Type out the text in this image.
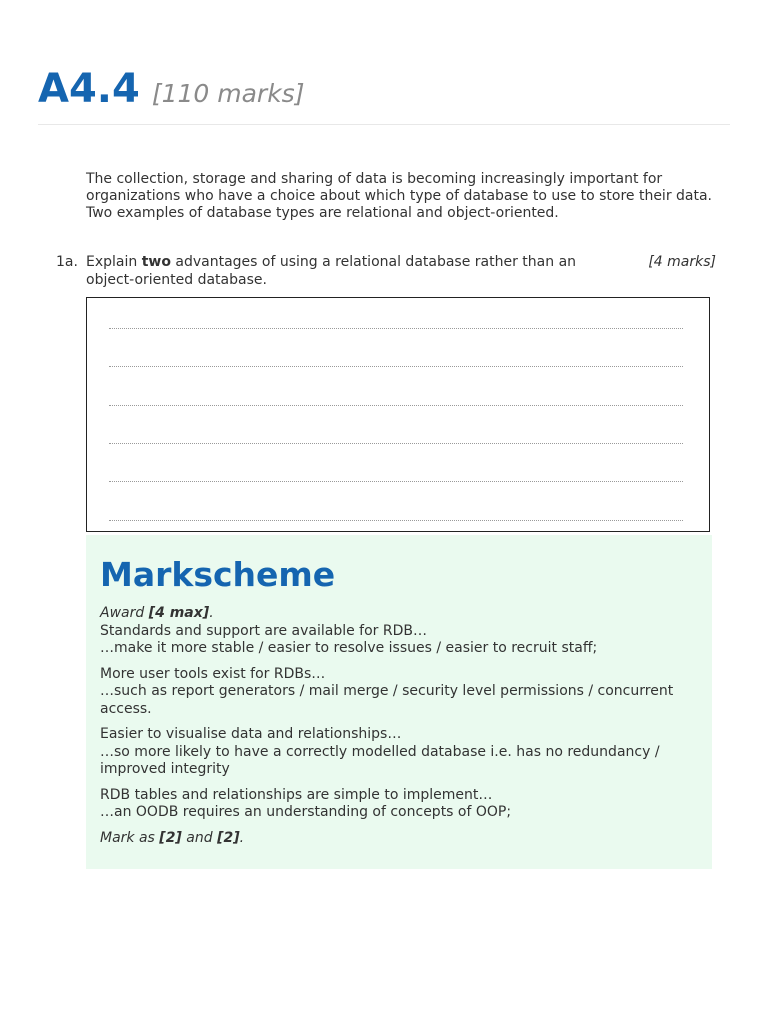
A4.4 [110 marks]

The collection, storage and sharing of data is becoming increasingly important for organizations who have a choice about which type of database to use to store their data. Two examples of database types are relational and object-oriented.

1a. Explain two advantages of using a relational database rather than an object-oriented database.
[4 marks]
Markscheme

Award [4 max].

Standards and support are available for RDB…
…make it more stable / easier to resolve issues / easier to recruit staff;

More user tools exist for RDBs…
…such as report generators / mail merge / security level permissions / concurrent access.

Easier to visualise data and relationships…
…so more likely to have a correctly modelled database i.e. has no redundancy / improved integrity

RDB tables and relationships are simple to implement…
…an OODB requires an understanding of concepts of OOP;

Mark as [2] and [2].
